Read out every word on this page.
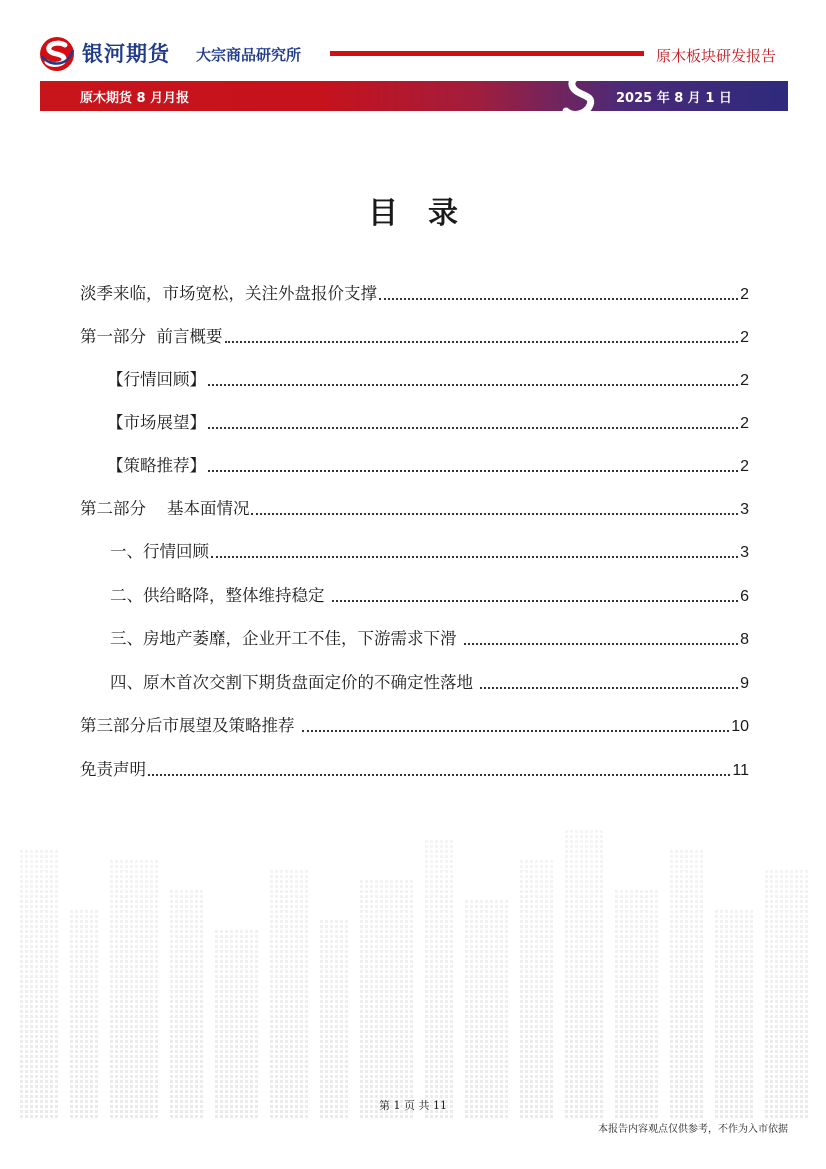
银河期货 大宗商品研究所	原木板块研发报告
原木期货 8 月月报	2025 年 8 月 1 日
目录
淡季来临，市场宽松，关注外盘报价支撑	2
第一部分  前言概要	2
【行情回顾】	2
【市场展望】	2
【策略推荐】	2
第二部分    基本面情况	3
一、行情回顾	3
二、供给略降，整体维持稳定	6
三、房地产萎靡，企业开工不佳，下游需求下滑	8
四、原木首次交割下期货盘面定价的不确定性落地	9
第三部分后市展望及策略推荐	10
免责声明	11
第 1 页 共 11
本报告内容观点仅供参考，不作为入市依据
